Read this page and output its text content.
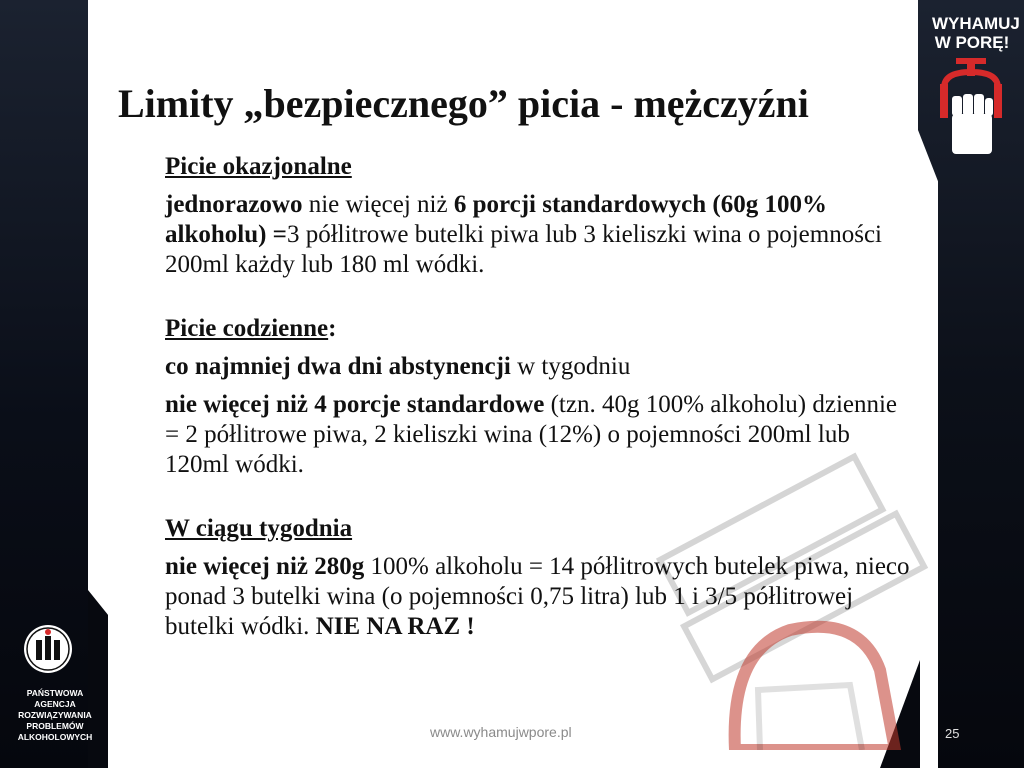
WYHAMUJ
W PORĘ!
Limity „bezpiecznego” picia - mężczyźni

Picie okazjonalne

jednorazowo nie więcej niż 6 porcji standardowych (60g 100% alkoholu) =3 półlitrowe butelki piwa lub 3 kieliszki wina o pojemności 200ml każdy lub 180 ml wódki.

Picie codzienne:

co najmniej dwa dni abstynencji w tygodniu

nie więcej niż 4 porcje standardowe (tzn. 40g 100% alkoholu) dziennie = 2 półlitrowe piwa, 2 kieliszki wina (12%) o pojemności 200ml lub 120ml wódki.

W ciągu tygodnia

nie więcej niż 280g 100% alkoholu = 14 półlitrowych butelek piwa, nieco ponad 3 butelki wina (o pojemności 0,75 litra) lub 1 i 3/5 półlitrowej butelki wódki. NIE NA RAZ !

www.wyhamujwpore.pl	25
PAŃSTWOWA
AGENCJA
ROZWIĄZYWANIA
PROBLEMÓW
ALKOHOLOWYCH
